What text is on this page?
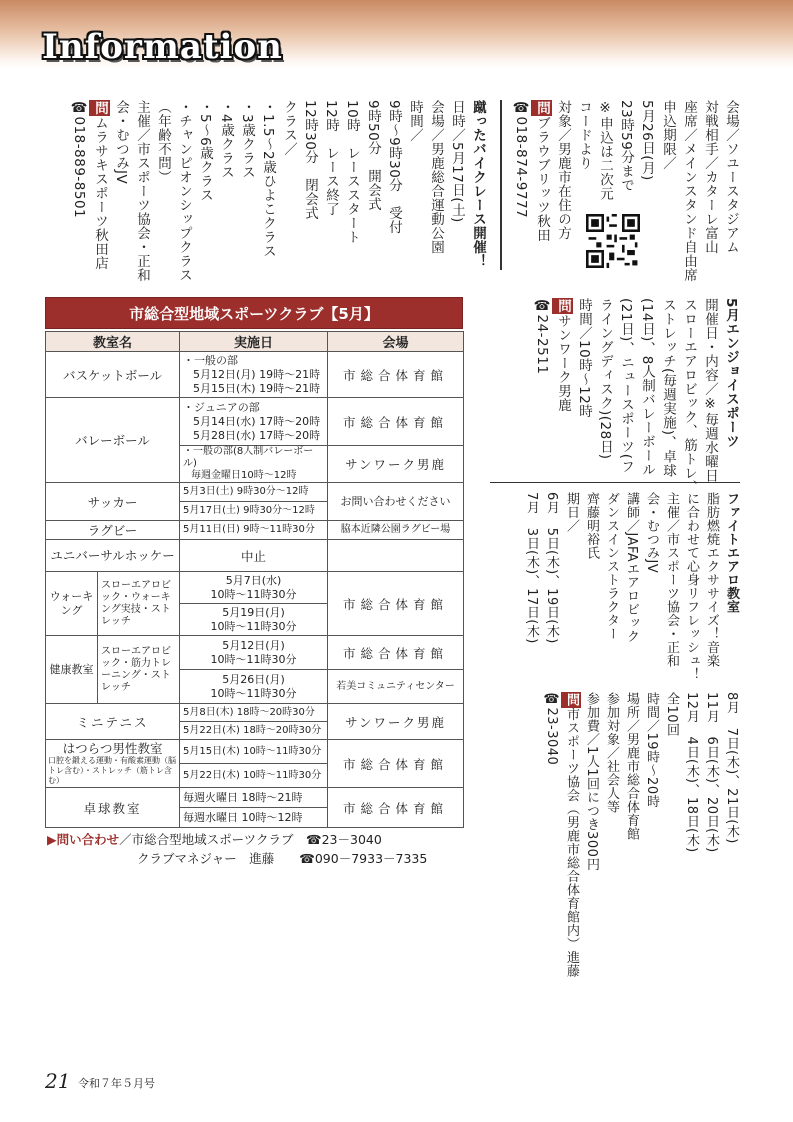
Information
会場／ソユースタジアム
対戦相手／カターレ富山
座席／メインスタンド自由席
申込期限／
5月26日(月)
23時59分まで
※申込は二次元
コードより
対象／男鹿市在住の方
問ブラウブリッツ秋田
☎018-874-9777
蹴ったバイクレース開催！
日時／5月17日(土)
会場／男鹿総合運動公園
時間／
9時～9時30分　受付
9時50分　開会式
10時　レーススタート
12時　レース終了
12時30分　閉会式
クラス／
・1.5～2歳ひよこクラス
・3歳クラス
・4歳クラス
・5～6歳クラス
・チャンピオンシップクラス
（年齢不問）
主催／市スポーツ協会・正和
会・むつみJV
問ムラサキスポーツ秋田店
☎018-889-8501
5月エンジョイスポーツ
開催日・内容／※毎週水曜日
スローエアロビック、筋トレ、
ストレッチ(毎週実施)、卓球
(14日)、8人制バレーボール
(21日)、ニュースポーツ(フ
ライングディスク)(28日)
時間／10時～12時
問サンワーク男鹿
☎24-2511
ファイトエアロ教室
脂肪燃焼エクササイズ！音楽
に合わせて心身リフレッシュ！
主催／市スポーツ協会・正和
会・むつみJV
講師／JAFAエアロビック
ダンスインストラクター
齊藤明裕氏
期日／
6月　5日(木)、19日(木)
7月　3日(木)、17日(木)
8月　7日(木)、21日(木)
11月　6日(木)、20日(木)
12月　4日(木)、18日(木)
全10回
時間／19時～20時
場所／男鹿市総合体育館
参加対象／社会人等
参加費／1人1回につき300円
問市スポーツ協会（男鹿市総合体育館内）進藤
☎23-3040
市総合型地域スポーツクラブ【5月】
教室名		実施日	会場
バスケットボール		・一般の部
5月12日(月) 19時～21時
5月15日(木) 19時～21時	市総合体育館
バレーボール		・ジュニアの部
5月14日(水) 17時～20時
5月28日(水) 17時～20時	市総合体育館

		・一般の部(8人制バレーボール)
毎週金曜日10時～12時	サンワーク男鹿
サッカー		5月3日(土) 9時30分～12時	お問い合わせください
		5月17日(土) 9時30分～12時	
ラグビー		5月11日(日) 9時～11時30分	脇本近隣公園ラグビー場
ユニバーサルホッケー		中止	
ウォーキング	スローエアロビック・ウォーキング実技・ストレッチ	5月7日(水)
10時～11時30分	市総合体育館

		5月19日(月)
10時～11時30分	

健康教室	スローエアロビック・筋力トレーニング・ストレッチ	5月12日(月)
10時～11時30分	市総合体育館

		5月26日(月)
10時～11時30分	若美コミュニティセンター
ミニテニス		5月8日(木) 18時～20時30分	サンワーク男鹿
		5月22日(木) 18時～20時30分	

はつらつ男性教室
口腔を鍛える運動・有酸素運動（脳トレ含む）・ストレッチ（筋トレ含む）		5月15日(木) 10時～11時30分	市総合体育館
		5月22日(木) 10時～11時30分	
卓球教室		毎週火曜日 18時～21時	市総合体育館
		毎週水曜日 10時～12時	
▶問い合わせ／市総合型地域スポーツクラブ　 ☎23－3040
クラブマネジャー　進藤　　 ☎090－7933－7335
21 令和７年５月号
